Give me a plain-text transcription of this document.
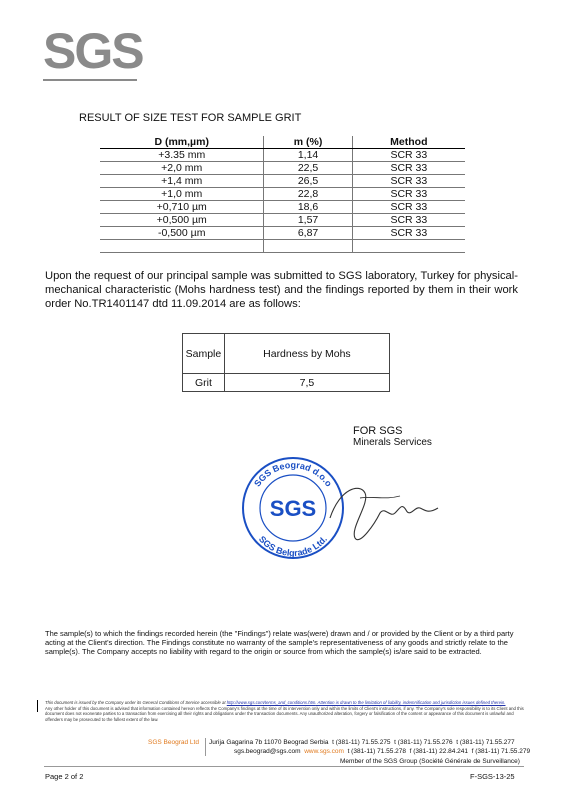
SGS
RESULT OF SIZE TEST FOR SAMPLE GRIT
D (mm,µm)	m (%)	Method
+3.35 mm	1,14	SCR 33
+2,0 mm	22,5	SCR 33
+1,4 mm	26,5	SCR 33
+1,0 mm	22,8	SCR 33
+0,710 µm	18,6	SCR 33
+0,500 µm	1,57	SCR 33
-0,500 µm	6,87	SCR 33

Upon the request of our principal sample was submitted to SGS laboratory, Turkey for physical-mechanical characteristic (Mohs hardness test) and the findings reported by them in their work order No.TR1401147 dtd 11.09.2014 are as follows:
Sample	Hardness by Mohs
Grit	7,5
FOR SGS
Minerals Services
SGS Beograd d.o.o
SGS Belgrade Ltd.
SGS
The sample(s) to which the findings recorded herein (the "Findings") relate was(were) drawn and / or provided by the Client or by a third party acting at the Client's direction. The Findings constitute no warranty of the sample's representativeness of any goods and strictly relate to the sample(s). The Company accepts no liability with regard to the origin or source from which the sample(s) is/are said to be extracted.
This document is issued by the Company under its General Conditions of Service accessible at http://www.sgs.com/terms_and_conditions.htm. Attention is drawn to the limitation of liability, indemnification and jurisdiction issues defined therein.
Any other holder of this document is advised that information contained hereon reflects the Company's findings at the time of its intervention only and within the limits of Client's instructions, if any. The Company's sole responsibility is to its Client and this document does not exonerate parties to a transaction from exercising all their rights and obligations under the transaction documents. Any unauthorized alteration, forgery or falsification of the content or appearance of this document is unlawful and offenders may be prosecuted to the fullest extent of the law.
SGS Beograd Ltd Jurija Gagarina 7b 11070 Beograd Serbia t (381-11) 71.55.275 t (381-11) 71.55.276 t (381-11) 71.55.277
sgs.beograd@sgs.com www.sgs.com t (381-11) 71.55.278 f (381-11) 22.84.241 f (381-11) 71.55.279
Member of the SGS Group (Société Générale de Surveillance)
Page 2 of 2	F-SGS-13-25
